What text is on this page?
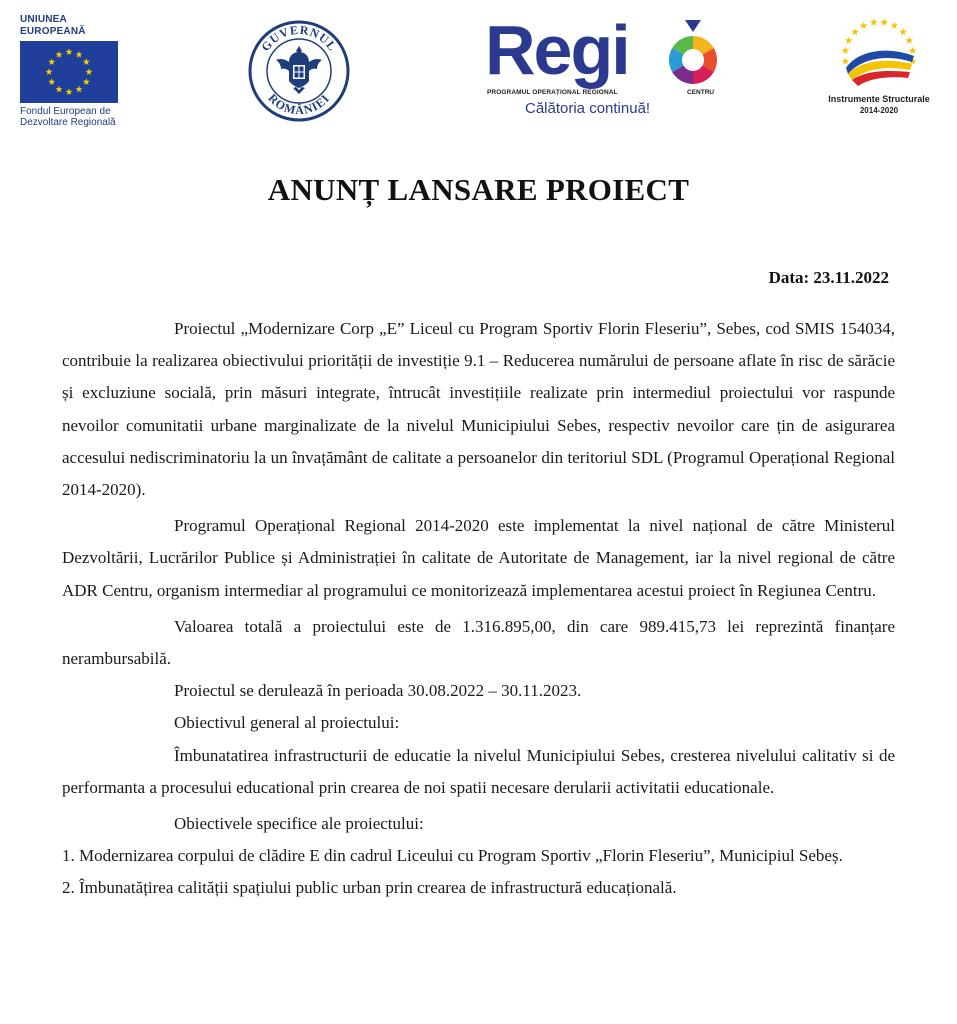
UNIUNEA EUROPEANĂ
Fondul European de
Dezvoltare Regională
GUVERNUL
ROMÂNIEI
Regi
PROGRAMUL OPERAȚIONAL REGIONAL	CENTRU
Călătoria continuă!
Instrumente Structurale
2014-2020
ANUNȚ LANSARE PROIECT
Data: 23.11.2022

Proiectul „Modernizare Corp „E” Liceul cu Program Sportiv Florin Fleseriu”, Sebes, cod SMIS 154034, contribuie la realizarea obiectivului priorității de investiție 9.1 – Reducerea numărului de persoane aflate în risc de sărăcie și excluziune socială, prin măsuri integrate, întrucât investițiile realizate prin intermediul proiectului vor raspunde nevoilor comunitatii urbane marginalizate de la nivelul Municipiului Sebes, respectiv nevoilor care țin de asigurarea accesului nediscriminatoriu la un învațământ de calitate a persoanelor din teritoriul SDL (Programul Operațional Regional 2014-2020).

Programul Operațional Regional 2014-2020 este implementat la nivel național de către Ministerul Dezvoltării, Lucrărilor Publice și Administrației în calitate de Autoritate de Management, iar la nivel regional de către ADR Centru, organism intermediar al programului ce monitorizează implementarea acestui proiect în Regiunea Centru.

Valoarea totală a proiectului este de 1.316.895,00, din care 989.415,73 lei reprezintă finanțare nerambursabilă.

Proiectul se derulează în perioada 30.08.2022 – 30.11.2023.

Obiectivul general al proiectului:

Îmbunatatirea infrastructurii de educatie la nivelul Municipiului Sebes, cresterea nivelului calitativ si de performanta a procesului educational prin crearea de noi spatii necesare derularii activitatii educationale.

Obiectivele specifice ale proiectului:

1. Modernizarea corpului de clădire E din cadrul Liceului cu Program Sportiv „Florin Fleseriu”, Municipiul Sebeș.

2. Îmbunatățirea calității spațiului public urban prin crearea de infrastructură educațională.
